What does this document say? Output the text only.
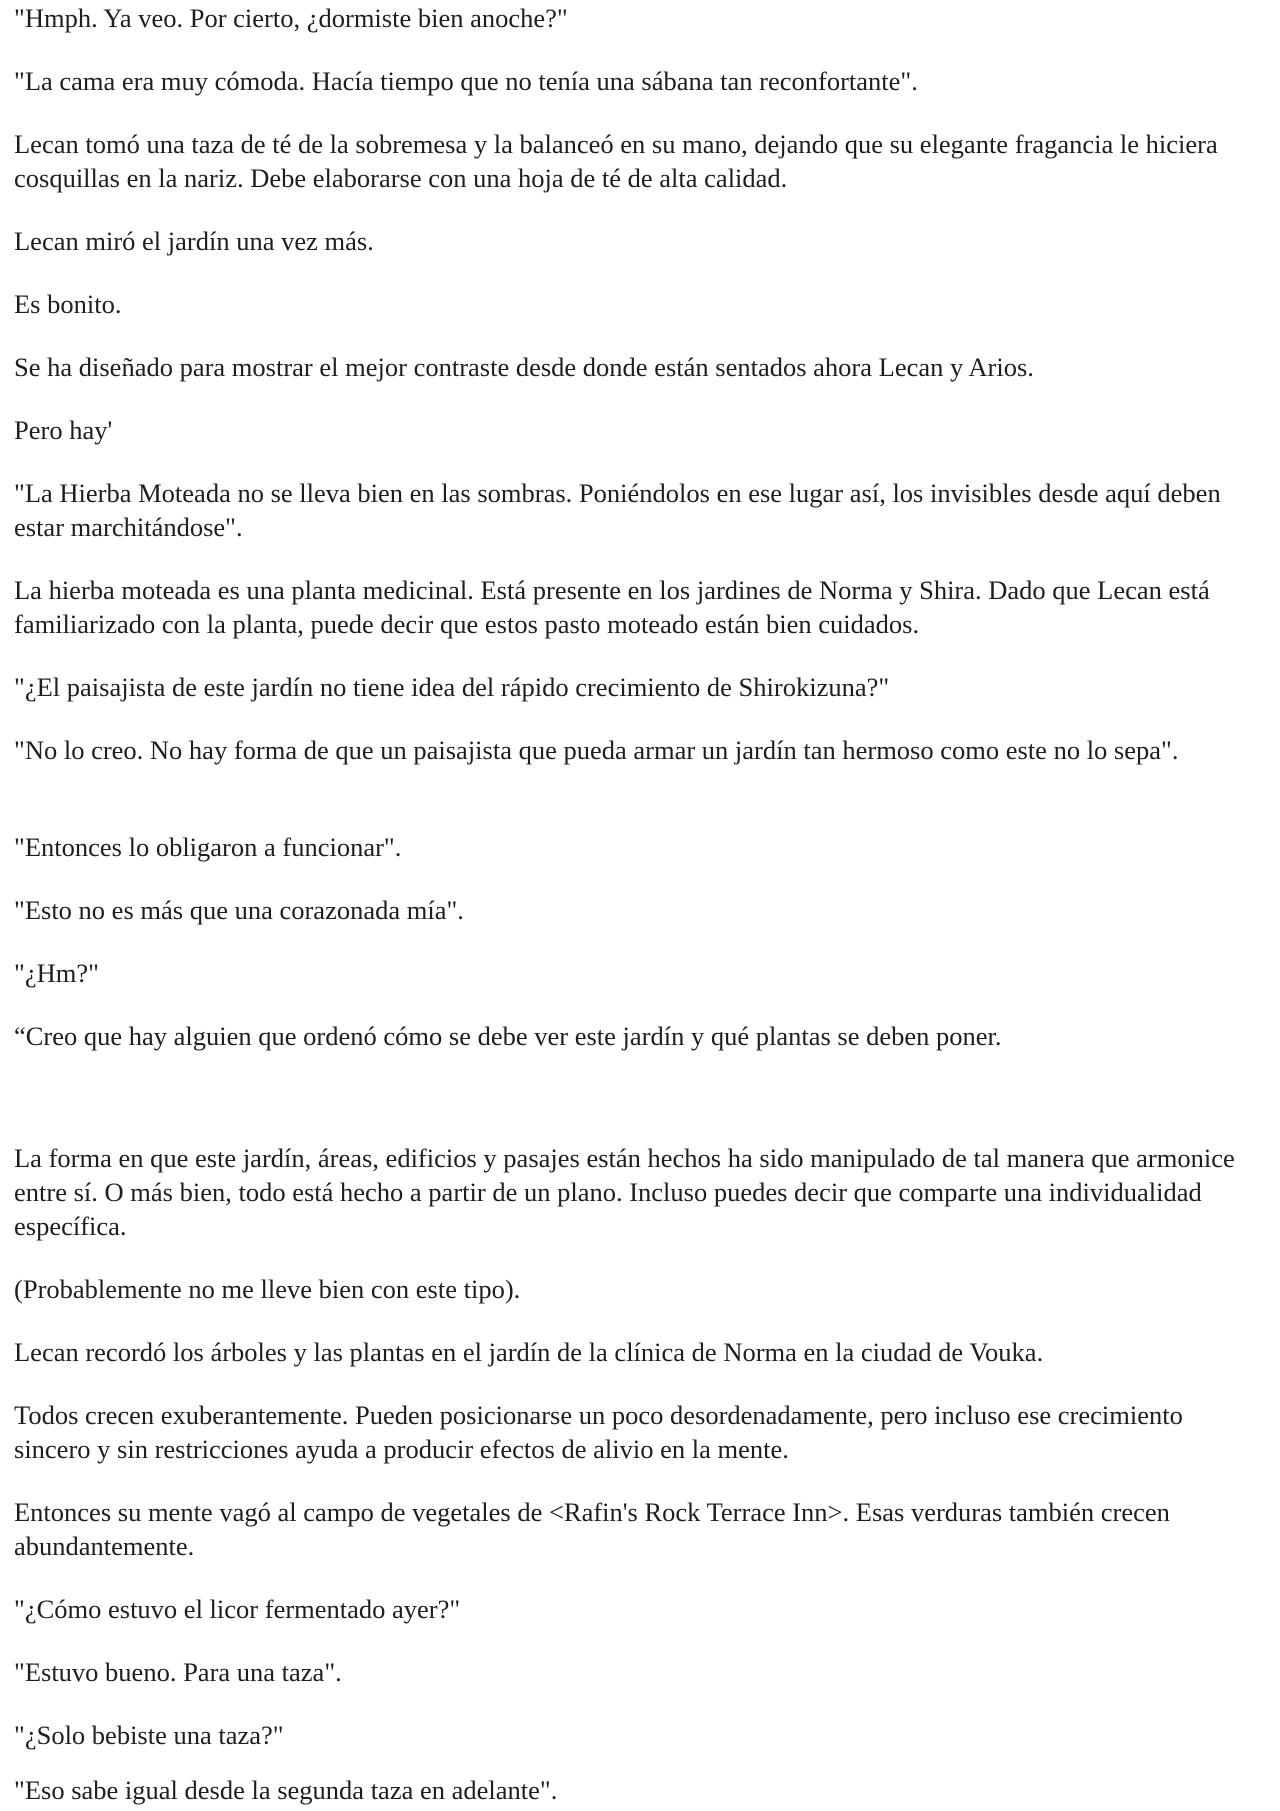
"Hmph. Ya veo. Por cierto, ¿dormiste bien anoche?"

"La cama era muy cómoda. Hacía tiempo que no tenía una sábana tan reconfortante".

Lecan tomó una taza de té de la sobremesa y la balanceó en su mano, dejando que su elegante fragancia le hiciera cosquillas en la nariz. Debe elaborarse con una hoja de té de alta calidad.

Lecan miró el jardín una vez más.

Es bonito.

Se ha diseñado para mostrar el mejor contraste desde donde están sentados ahora Lecan y Arios.

Pero hay'

"La Hierba Moteada no se lleva bien en las sombras. Poniéndolos en ese lugar así, los invisibles desde aquí deben estar marchitándose".

La hierba moteada es una planta medicinal. Está presente en los jardines de Norma y Shira. Dado que Lecan está familiarizado con la planta, puede decir que estos pasto moteado están bien cuidados.

"¿El paisajista de este jardín no tiene idea del rápido crecimiento de Shirokizuna?"

"No lo creo. No hay forma de que un paisajista que pueda armar un jardín tan hermoso como este no lo sepa".

"Entonces lo obligaron a funcionar".

"Esto no es más que una corazonada mía".

"¿Hm?"

“Creo que hay alguien que ordenó cómo se debe ver este jardín y qué plantas se deben poner.

La forma en que este jardín, áreas, edificios y pasajes están hechos ha sido manipulado de tal manera que armonice entre sí. O más bien, todo está hecho a partir de un plano. Incluso puedes decir que comparte una individualidad específica.

(Probablemente no me lleve bien con este tipo).

Lecan recordó los árboles y las plantas en el jardín de la clínica de Norma en la ciudad de Vouka.

Todos crecen exuberantemente. Pueden posicionarse un poco desordenadamente, pero incluso ese crecimiento sincero y sin restricciones ayuda a producir efectos de alivio en la mente.

Entonces su mente vagó al campo de vegetales de <Rafin's Rock Terrace Inn>. Esas verduras también crecen abundantemente.

"¿Cómo estuvo el licor fermentado ayer?"

"Estuvo bueno. Para una taza".

"¿Solo bebiste una taza?"

"Eso sabe igual desde la segunda taza en adelante".
